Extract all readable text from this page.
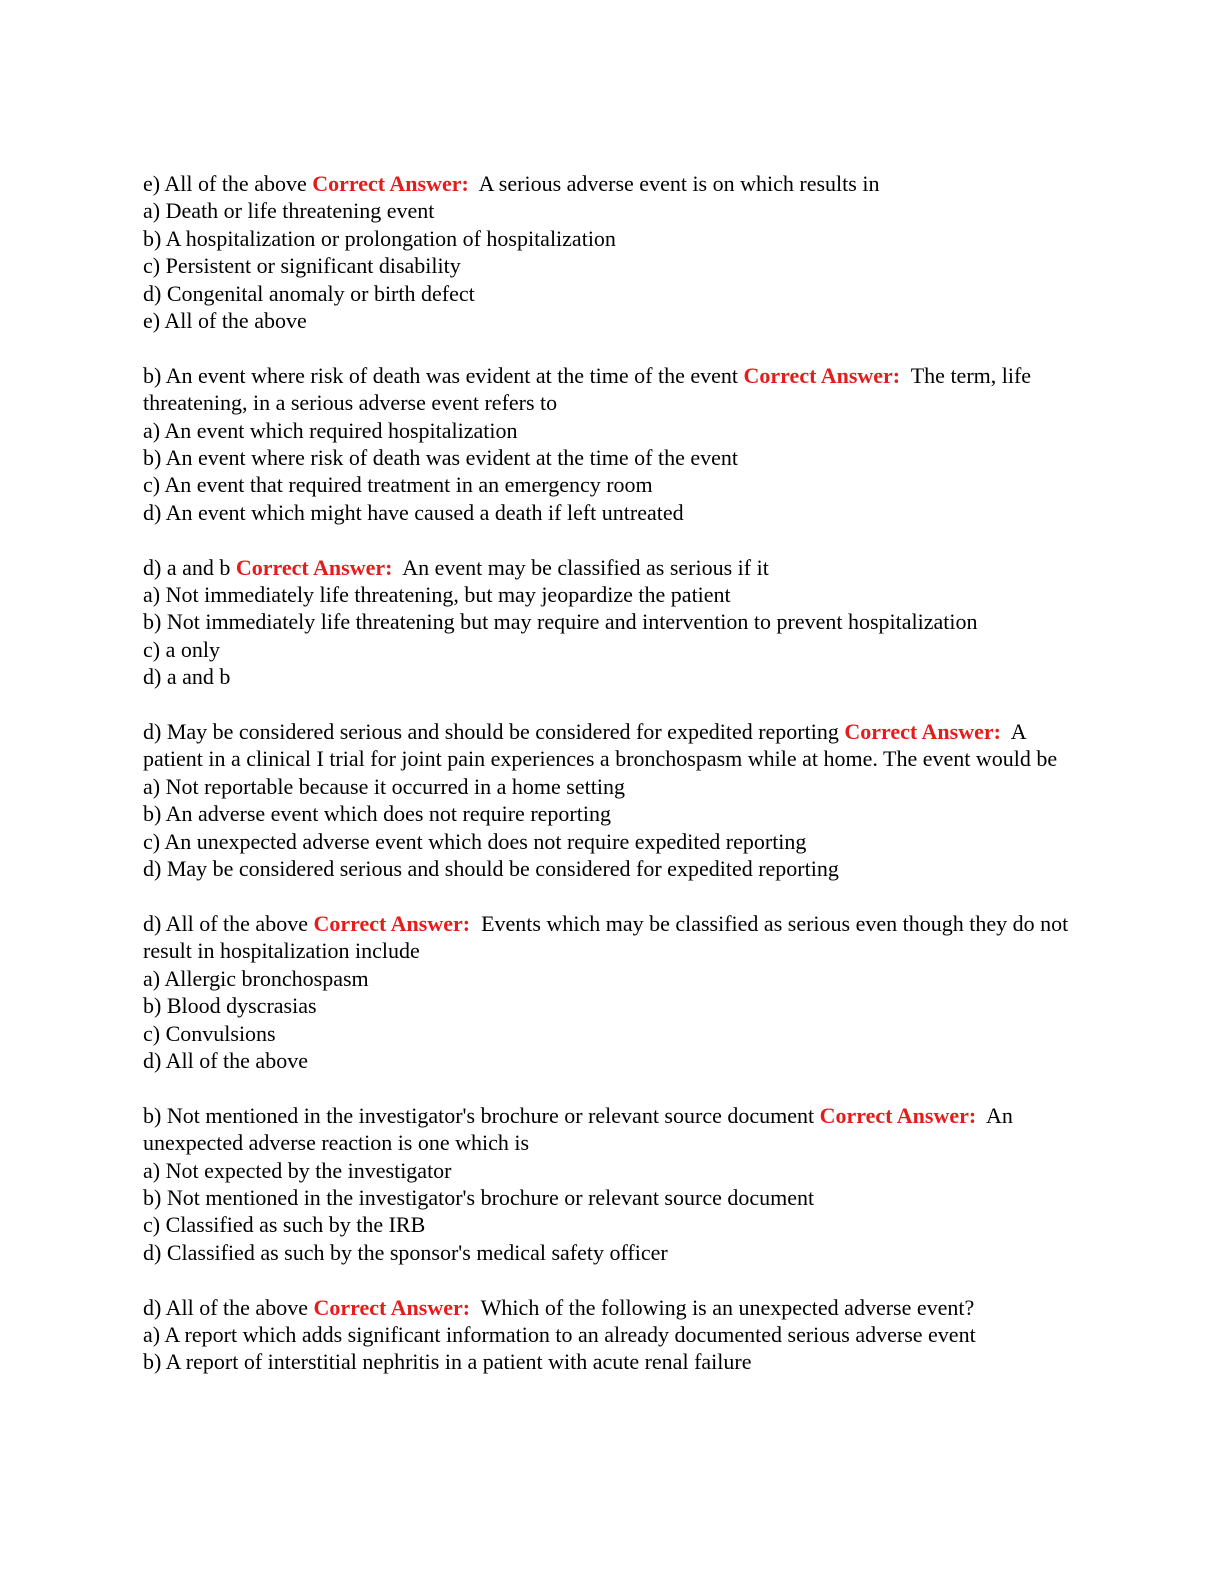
e) All of the above Correct Answer: A serious adverse event is on which results in
a) Death or life threatening event
b) A hospitalization or prolongation of hospitalization
c) Persistent or significant disability
d) Congenital anomaly or birth defect
e) All of the above
b) An event where risk of death was evident at the time of the event Correct Answer: The term, life threatening, in a serious adverse event refers to
a) An event which required hospitalization
b) An event where risk of death was evident at the time of the event
c) An event that required treatment in an emergency room
d) An event which might have caused a death if left untreated
d) a and b Correct Answer: An event may be classified as serious if it
a) Not immediately life threatening, but may jeopardize the patient
b) Not immediately life threatening but may require and intervention to prevent hospitalization
c) a only
d) a and b
d) May be considered serious and should be considered for expedited reporting Correct Answer: A patient in a clinical I trial for joint pain experiences a bronchospasm while at home. The event would be
a) Not reportable because it occurred in a home setting
b) An adverse event which does not require reporting
c) An unexpected adverse event which does not require expedited reporting
d) May be considered serious and should be considered for expedited reporting
d) All of the above Correct Answer: Events which may be classified as serious even though they do not result in hospitalization include
a) Allergic bronchospasm
b) Blood dyscrasias
c) Convulsions
d) All of the above
b) Not mentioned in the investigator's brochure or relevant source document Correct Answer: An unexpected adverse reaction is one which is
a) Not expected by the investigator
b) Not mentioned in the investigator's brochure or relevant source document
c) Classified as such by the IRB
d) Classified as such by the sponsor's medical safety officer
d) All of the above Correct Answer: Which of the following is an unexpected adverse event?
a) A report which adds significant information to an already documented serious adverse event
b) A report of interstitial nephritis in a patient with acute renal failure
